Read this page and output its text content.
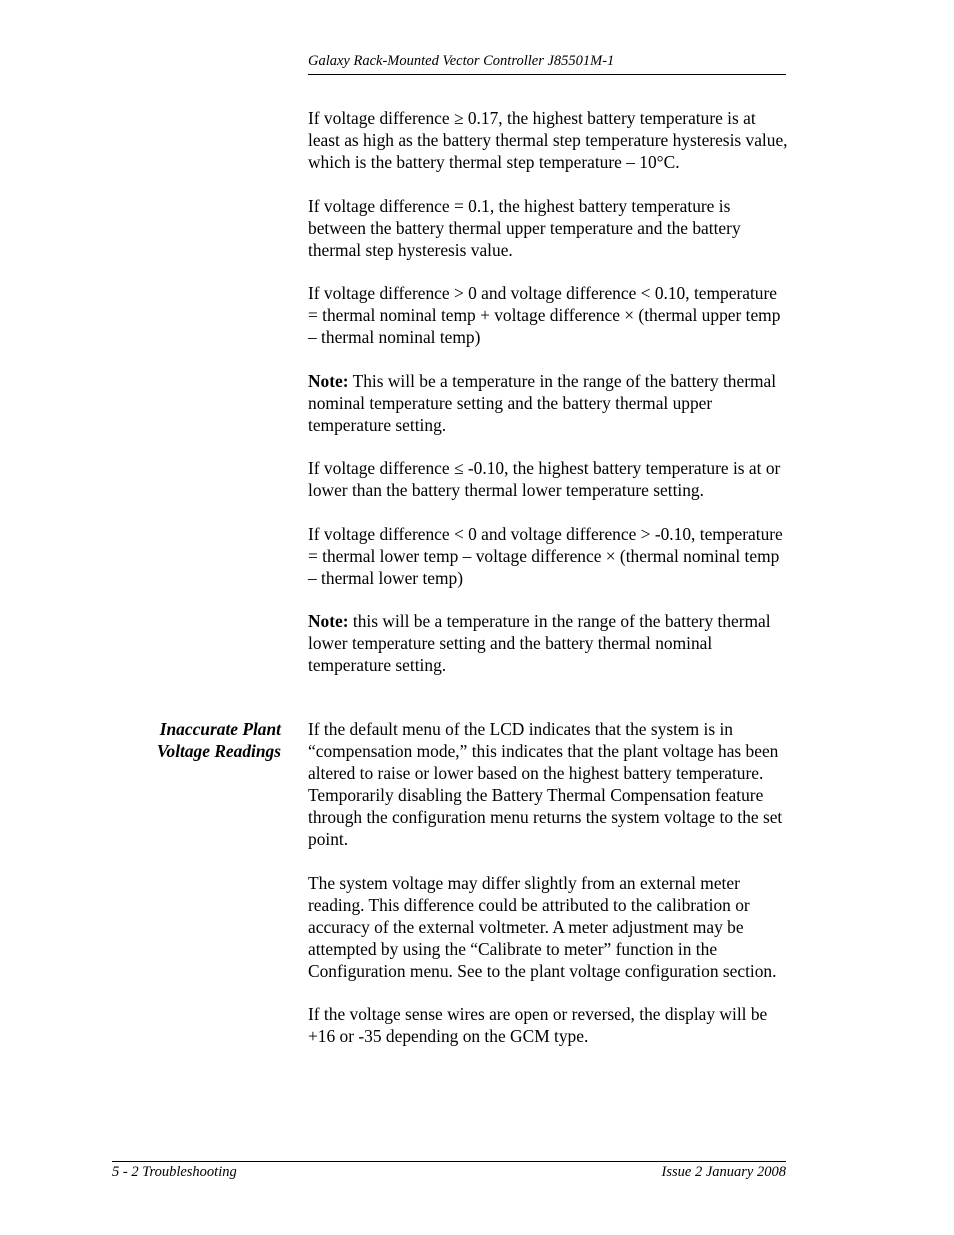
Galaxy Rack-Mounted Vector Controller J85501M-1

If voltage difference ≥ 0.17, the highest battery temperature is at least as high as the battery thermal step temperature hysteresis value, which is the battery thermal step temperature – 10°C.

If voltage difference = 0.1, the highest battery temperature is between the battery thermal upper temperature and the battery thermal step hysteresis value.

If voltage difference > 0 and voltage difference < 0.10, temperature = thermal nominal temp + voltage difference × (thermal upper temp – thermal nominal temp)

Note: This will be a temperature in the range of the battery thermal nominal temperature setting and the battery thermal upper temperature setting.

If voltage difference ≤ -0.10, the highest battery temperature is at or lower than the battery thermal lower temperature setting.

If voltage difference < 0 and voltage difference > -0.10, temperature = thermal lower temp – voltage difference × (thermal nominal temp – thermal lower temp)

Note: this will be a temperature in the range of the battery thermal lower temperature setting and the battery thermal nominal temperature setting.

Inaccurate Plant
Voltage Readings

If the default menu of the LCD indicates that the system is in “compensation mode,” this indicates that the plant voltage has been altered to raise or lower based on the highest battery temperature. Temporarily disabling the Battery Thermal Compensation feature through the configuration menu returns the system voltage to the set point.

The system voltage may differ slightly from an external meter reading. This difference could be attributed to the calibration or accuracy of the external voltmeter. A meter adjustment may be attempted by using the “Calibrate to meter” function in the Configuration menu. See to the plant voltage configuration section.

If the voltage sense wires are open or reversed, the display will be +16 or -35 depending on the GCM type.

5 - 2 Troubleshooting	Issue 2 January 2008
